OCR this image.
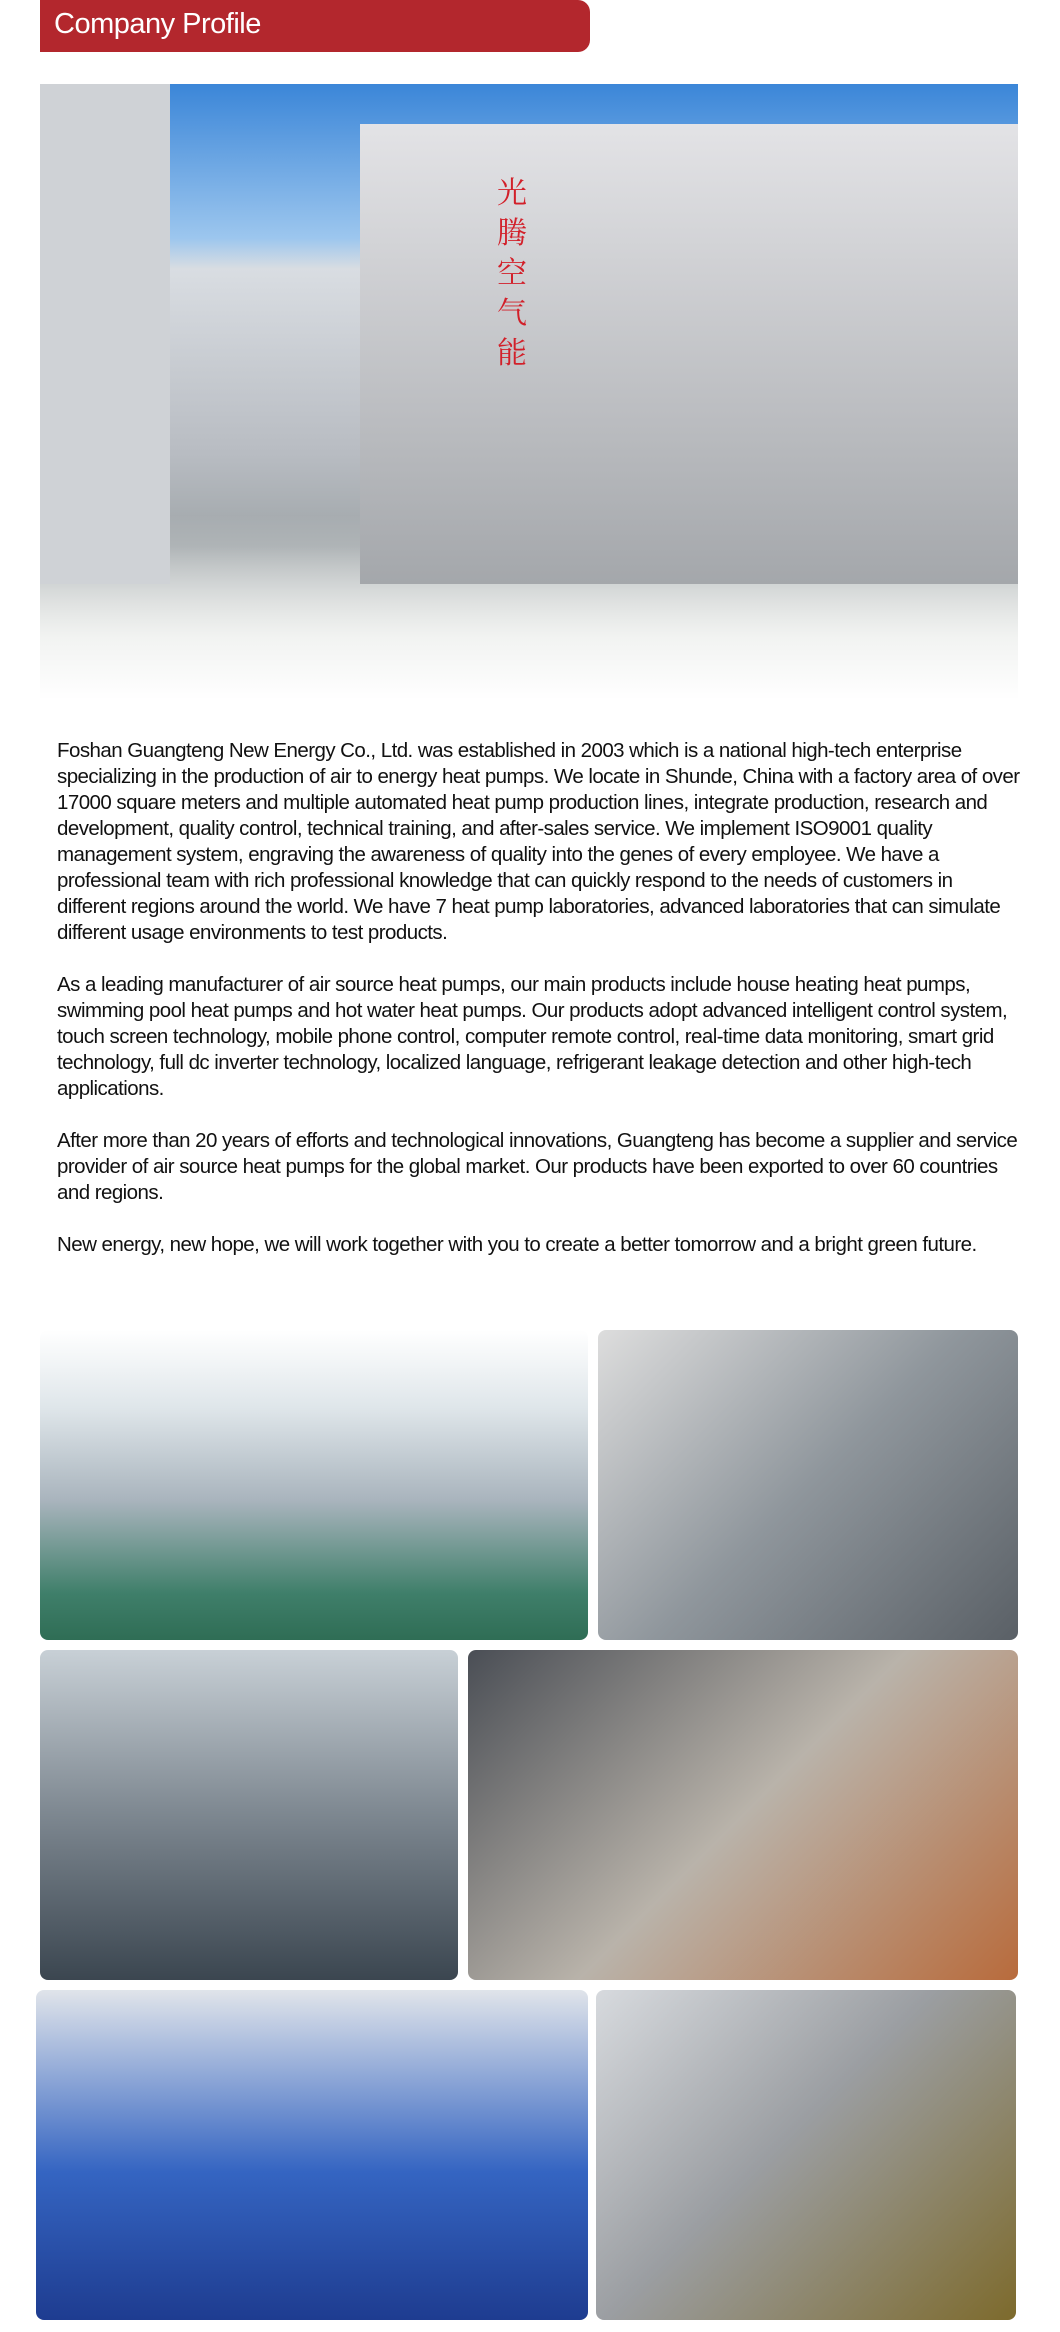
Company Profile
光腾空气能

Foshan Guangteng New Energy Co., Ltd. was established in 2003 which is a national high-tech enterprise specializing in the production of air to energy heat pumps. We locate in Shunde, China with a factory area of over 17000 square meters and multiple automated heat pump production lines, integrate production, research and development, quality control, technical training, and after-sales service. We implement ISO9001 quality management system, engraving the awareness of quality into the genes of every employee. We have a professional team with rich professional knowledge that can quickly respond to the needs of customers in different regions around the world. We have 7 heat pump laboratories, advanced laboratories that can simulate different usage environments to test products.

As a leading manufacturer of air source heat pumps, our main products include house heating heat pumps, swimming pool heat pumps and hot water heat pumps. Our products adopt advanced intelligent control system, touch screen technology, mobile phone control, computer remote control, real-time data monitoring, smart grid technology, full dc inverter technology, localized language, refrigerant leakage detection and other high-tech applications.

After more than 20 years of efforts and technological innovations, Guangteng has become a supplier and service provider of air source heat pumps for the global market. Our products have been exported to over 60 countries and regions.

New energy, new hope, we will work together with you to create a better tomorrow and a bright green future.
